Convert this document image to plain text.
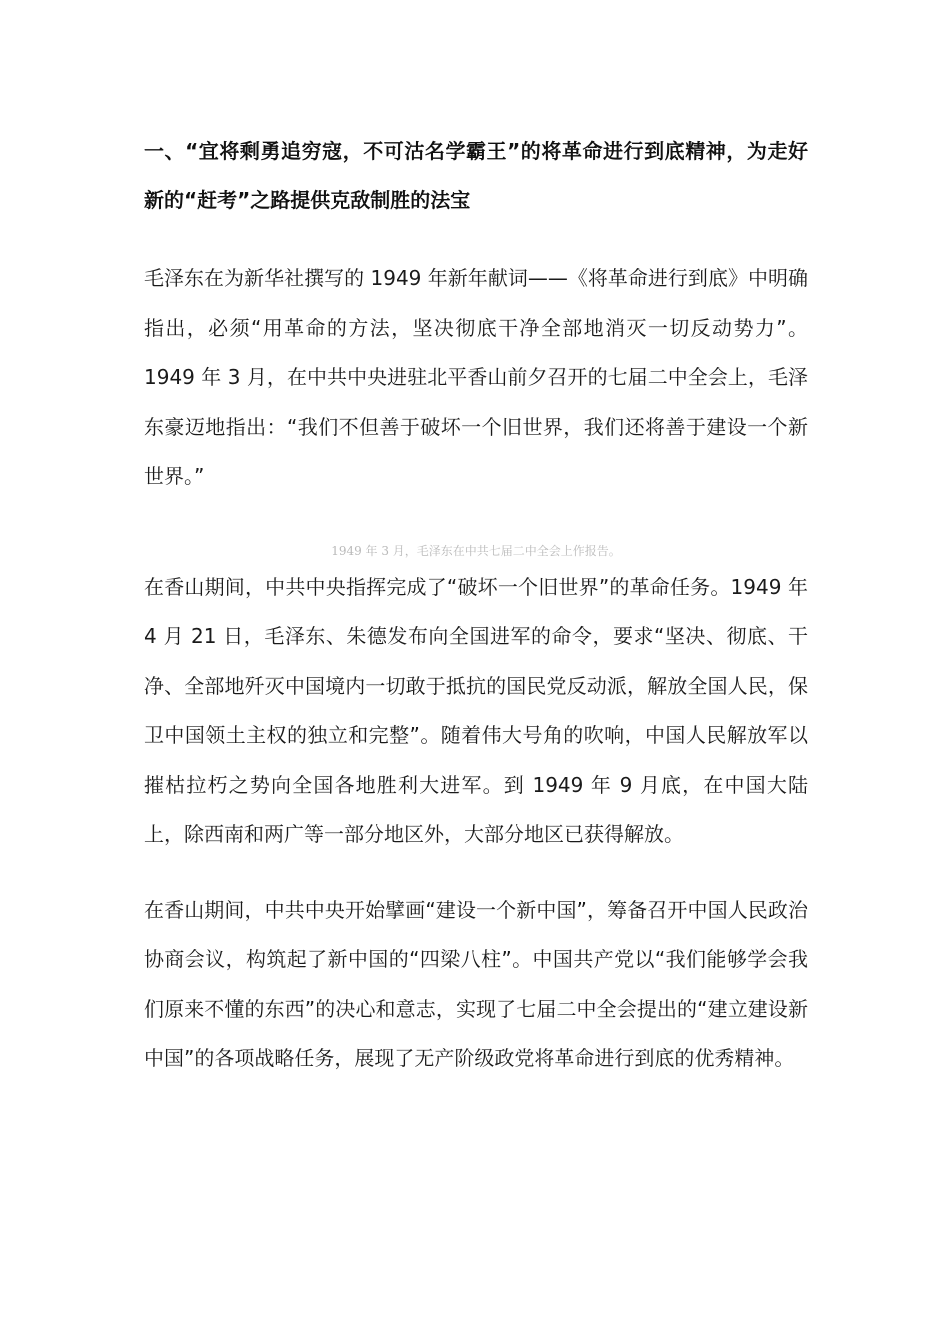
一、“宜将剩勇追穷寇，不可沽名学霸王”的将革命进行到底精神，为走好新的“赶考”之路提供克敌制胜的法宝

毛泽东在为新华社撰写的 1949 年新年献词——《将革命进行到底》中明确指出，必须“用革命的方法，坚决彻底干净全部地消灭一切反动势力”。1949 年 3 月，在中共中央进驻北平香山前夕召开的七届二中全会上，毛泽东豪迈地指出：“我们不但善于破坏一个旧世界，我们还将善于建设一个新世界。”

1949 年 3 月，毛泽东在中共七届二中全会上作报告。

在香山期间，中共中央指挥完成了“破坏一个旧世界”的革命任务。1949 年 4 月 21 日，毛泽东、朱德发布向全国进军的命令，要求“坚决、彻底、干净、全部地歼灭中国境内一切敢于抵抗的国民党反动派，解放全国人民，保卫中国领土主权的独立和完整”。随着伟大号角的吹响，中国人民解放军以摧枯拉朽之势向全国各地胜利大进军。到 1949 年 9 月底，在中国大陆上，除西南和两广等一部分地区外，大部分地区已获得解放。

在香山期间，中共中央开始擘画“建设一个新中国”，筹备召开中国人民政治协商会议，构筑起了新中国的“四梁八柱”。中国共产党以“我们能够学会我们原来不懂的东西”的决心和意志，实现了七届二中全会提出的“建立建设新中国”的各项战略任务，展现了无产阶级政党将革命进行到底的优秀精神。
